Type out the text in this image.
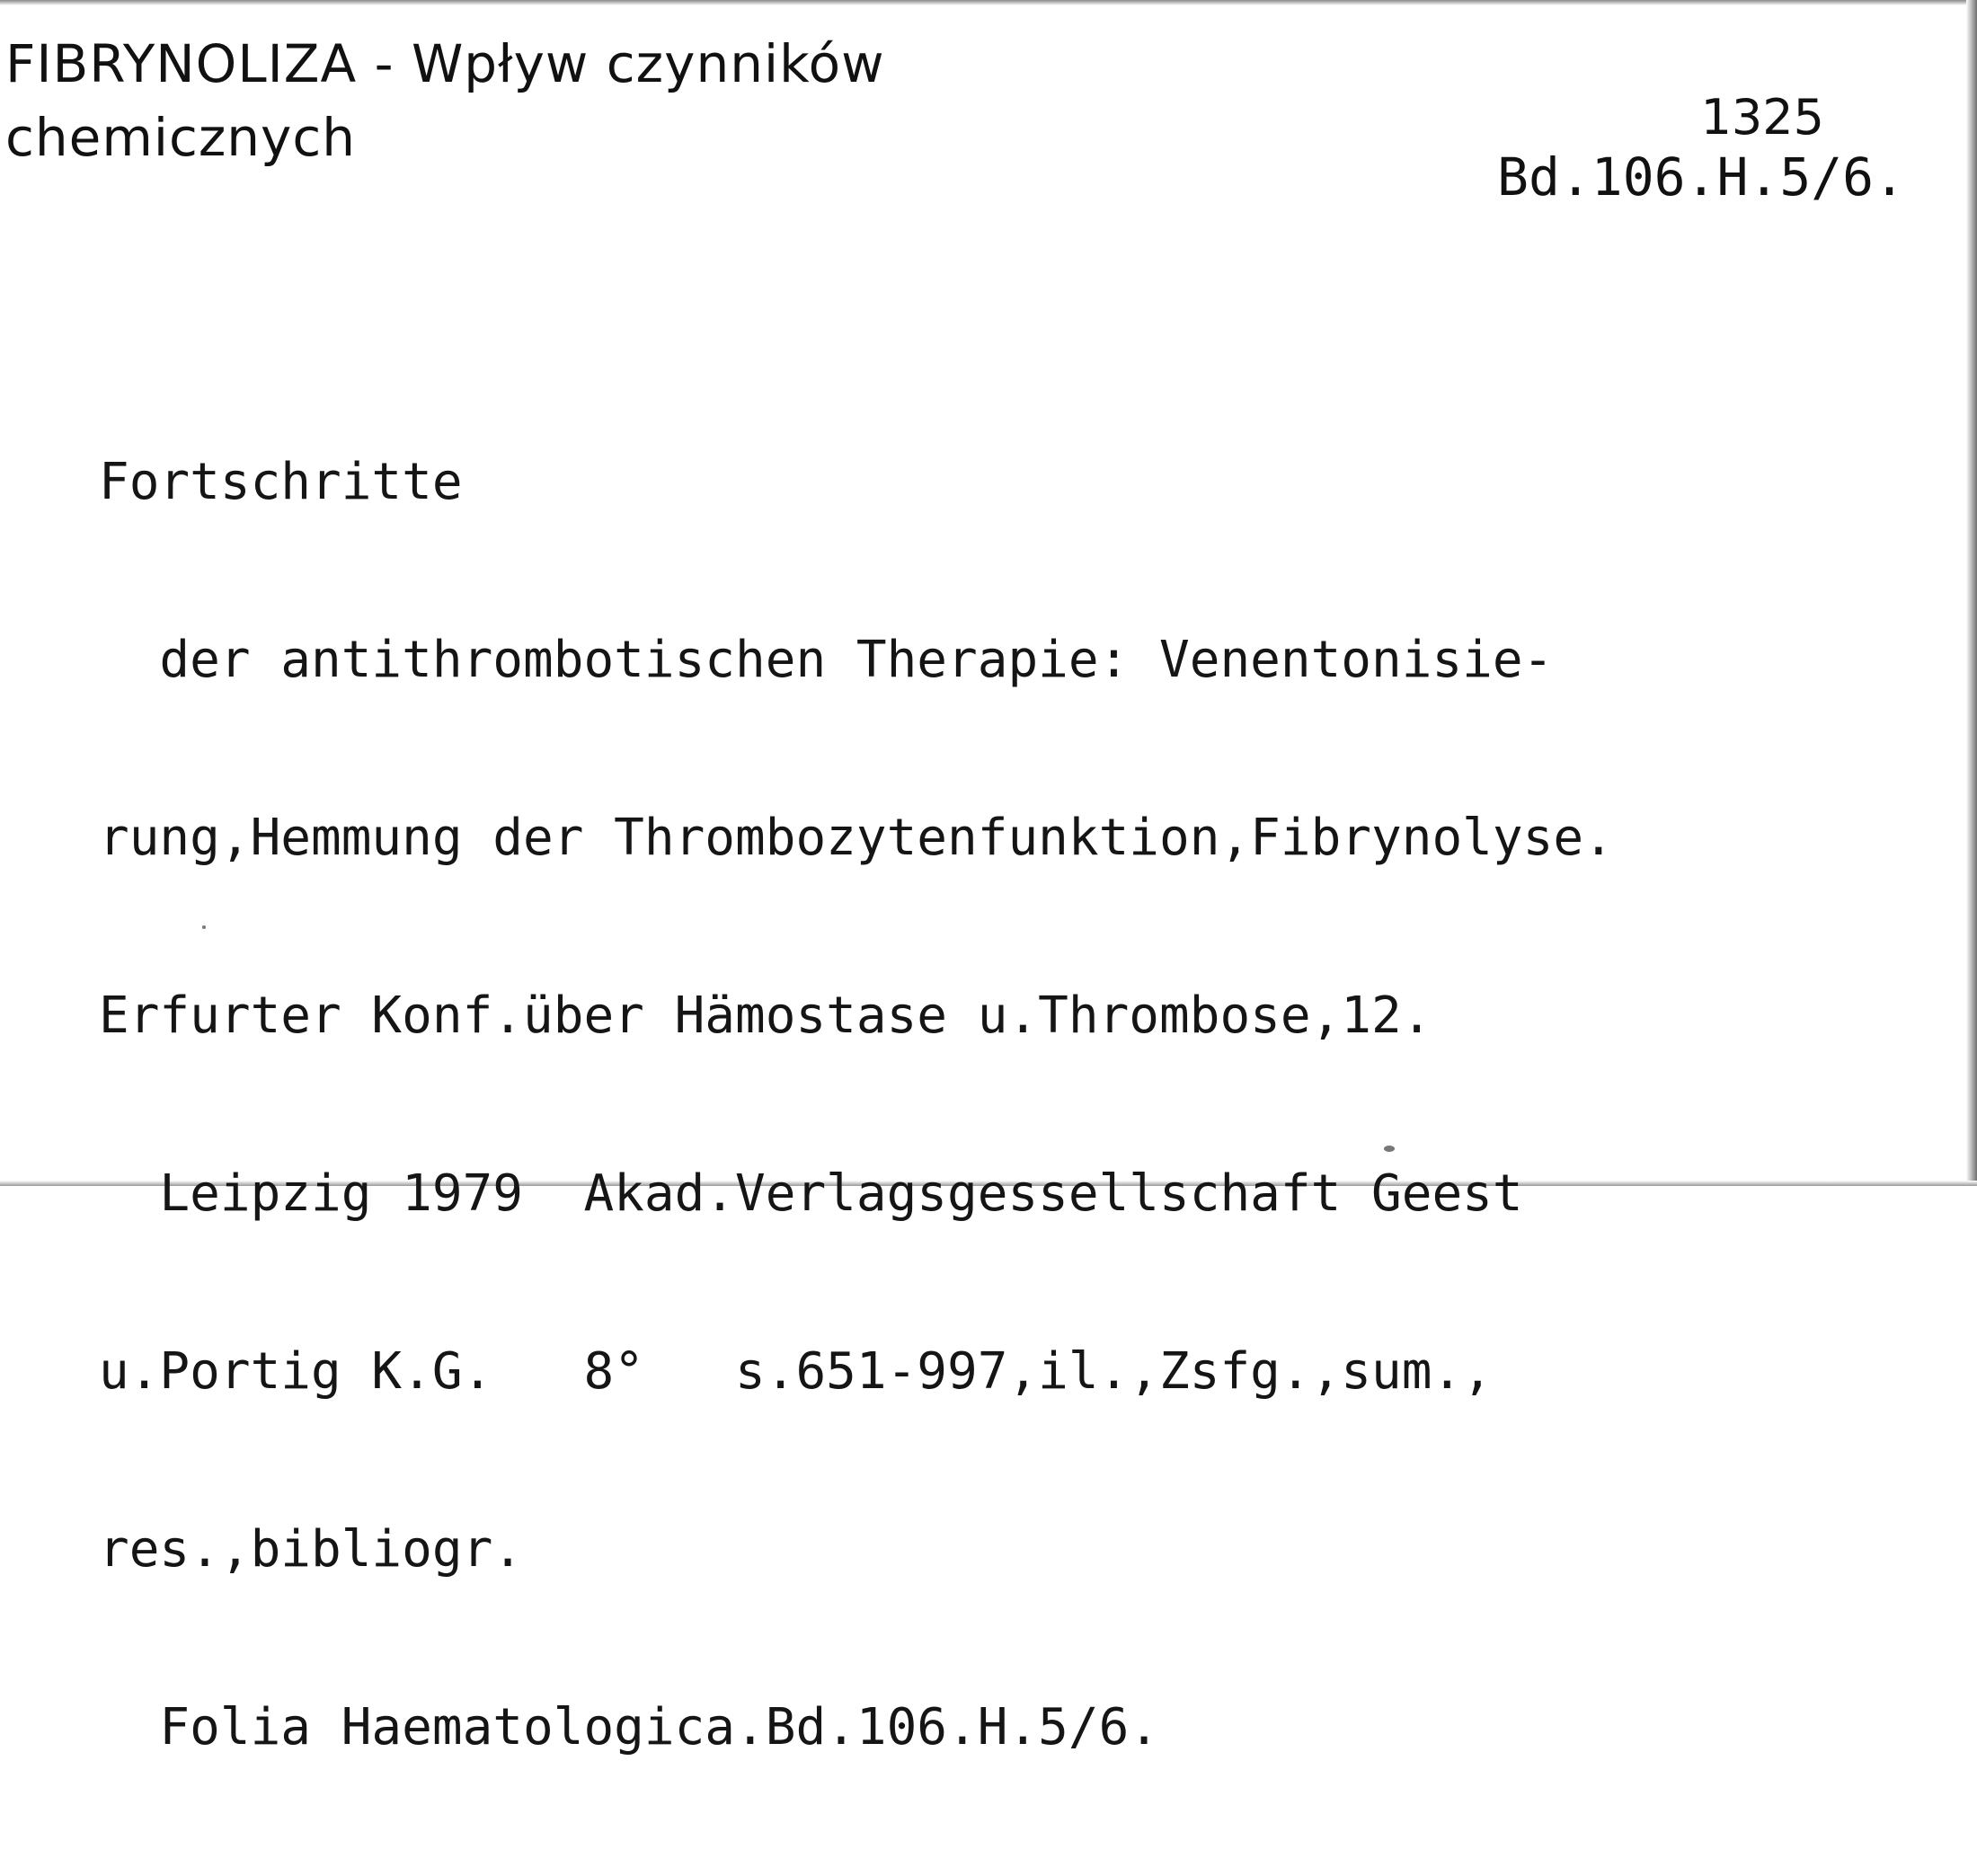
FIBRYNOLIZA - Wpływ czynników
chemicznych	1325
Bd.106.H.5/6.

Fortschritte

der antithrombotischen Therapie: Venentonisie-

rung,Hemmung der Thrombozytenfunktion,Fibrynolyse.

Erfurter Konf.über Hämostase u.Thrombose,12.

Leipzig 1979  Akad.Verlagsgessellschaft Geest

u.Portig K.G.   8°   s.651-997,il.,Zsfg.,sum.,

res.,bibliogr.

Folia Haematologica.Bd.106.H.5/6.
